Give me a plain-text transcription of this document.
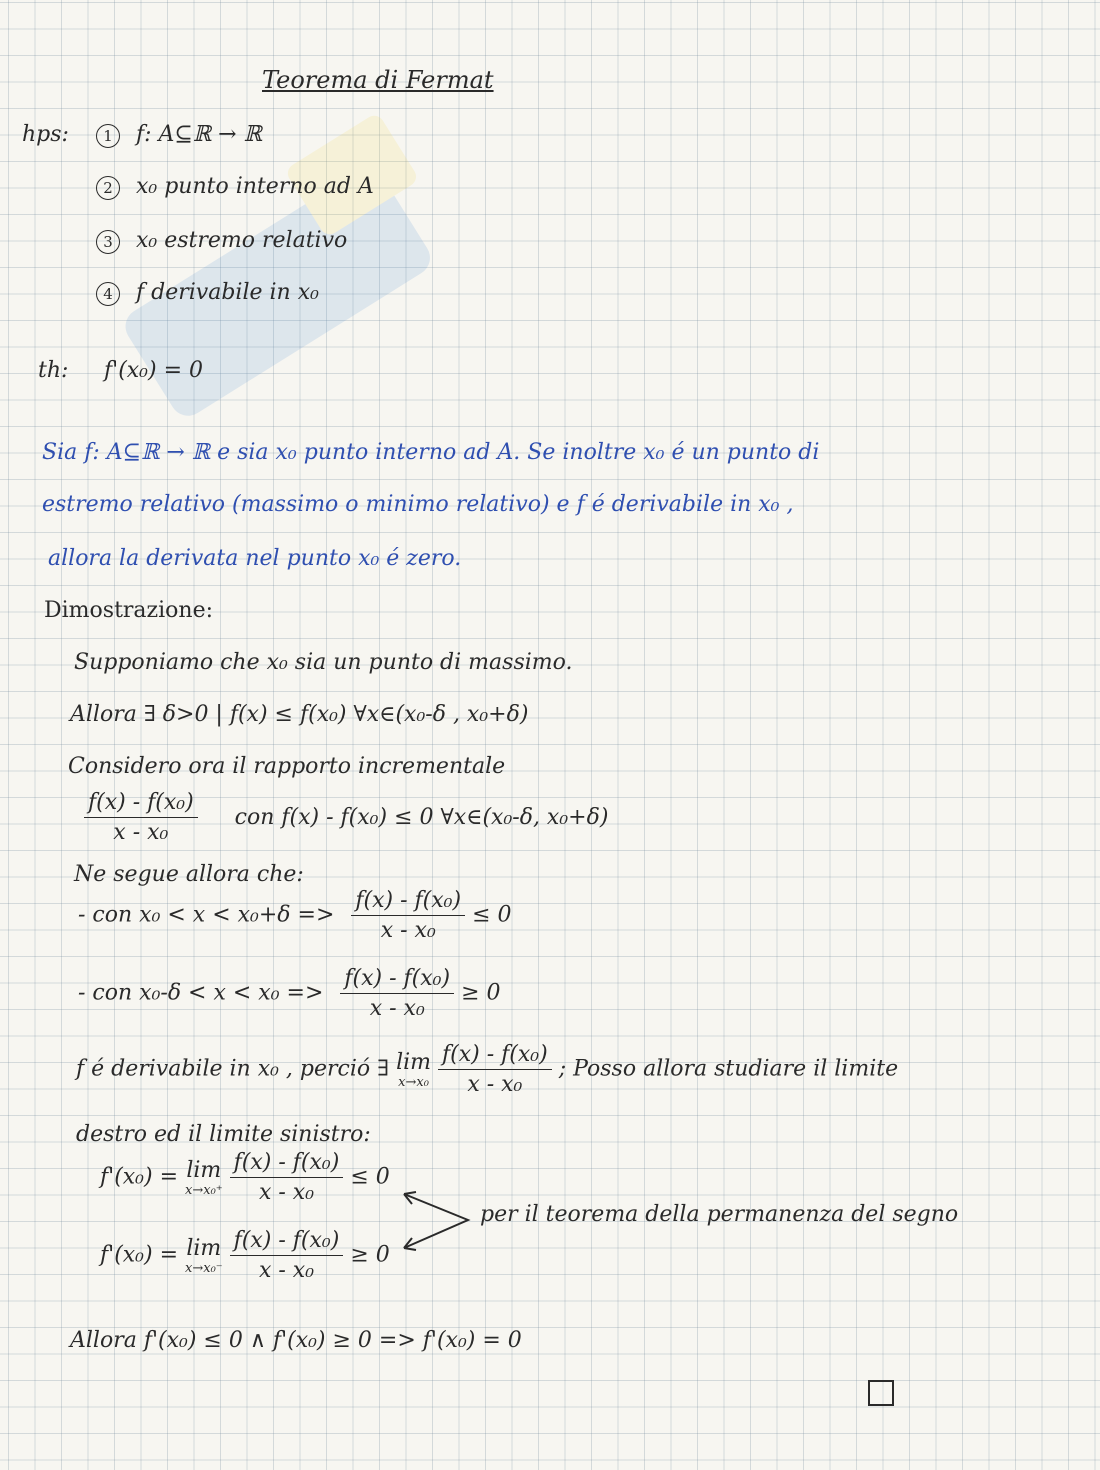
Teorema di Fermat
hps:	1 f: A⊆ℝ → ℝ
2 x₀ punto interno ad A
3 x₀ estremo relativo
4 f derivabile in x₀
th: f'(x₀) = 0
Sia f: A⊆ℝ → ℝ e sia x₀ punto interno ad A. Se inoltre x₀ é un punto di
estremo relativo (massimo o minimo relativo) e f é derivabile in x₀ ,
allora la derivata nel punto x₀ é zero.
Dimostrazione:
Supponiamo che x₀ sia un punto di massimo.
Allora ∃ δ>0 | f(x) ≤ f(x₀) ∀x∈(x₀-δ , x₀+δ)
Considero ora il rapporto incrementale
$\frac{\text{f(x) - f(x₀)}}{\text{x - x₀}}$ con f(x) - f(x₀) ≤ 0 ∀x∈(x₀-δ, x₀+δ)
Ne segue allora che:
- con $x_0 < x < x_0+\delta => \frac{\text{f(x) - f(x₀)}}{\text{x - x₀}} \le 0$
- con $x_0-\delta < x < x_0 => \frac{\text{f(x) - f(x₀)}}{\text{x - x₀}} \ge 0$
f é derivabile in x₀ , perció ∃ lim
x→x₀
$\frac{\text{f(x) - f(x₀)}}{\text{x - x₀}}$ ; Posso allora studiare il limite
destro ed il limite sinistro:
f'(x₀) = lim
x→x₀⁺
$\frac{\text{f(x) - f(x₀)}}{\text{x - x₀}} \le 0$
f'(x₀) = lim
x→x₀⁻
$\frac{\text{f(x) - f(x₀)}}{\text{x - x₀}} \ge 0$
per il teorema della permanenza del segno
Allora f'(x₀) ≤ 0 ∧ f'(x₀) ≥ 0 => f'(x₀) = 0
